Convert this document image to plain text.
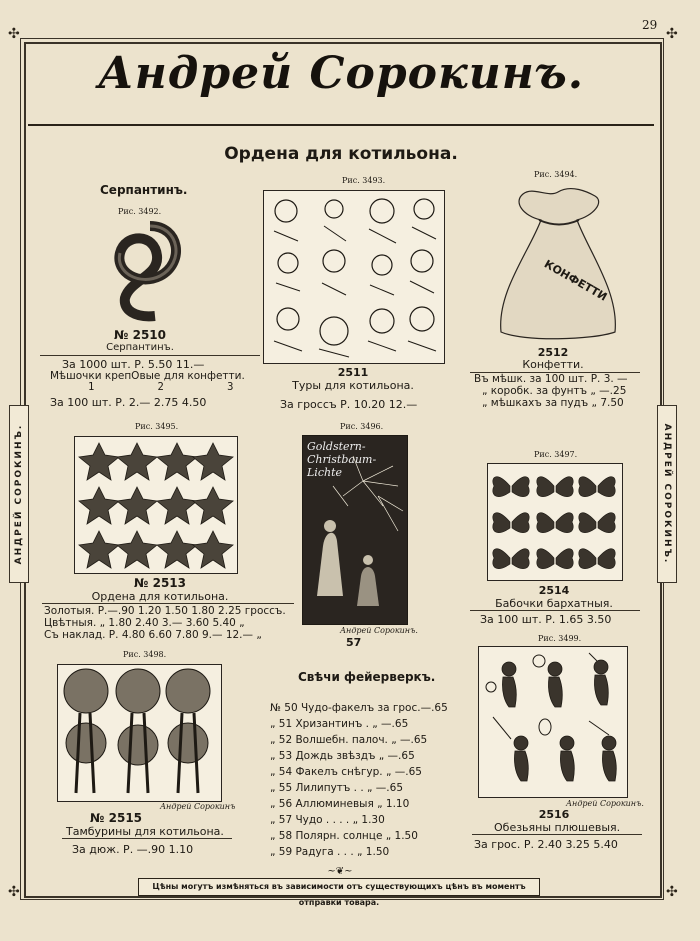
✣	✣
✣	✣
29
Андрей Сорокинъ.
Ордена для котильона.
АНДРЕЙ СОРОКИНЪ.	АНДРЕЙ СОРОКИНЪ.
Серпантинъ.
Рис. 3492.
№ 2510
Серпантинъ.
За 1000 шт. Р. 5.50 11.—
Мѣшочки крепОвые для конфетти.
1          2          3
За 100 шт. Р. 2.— 2.75 4.50
Рис. 3493.
2511
Туры для котильона.
За гроссъ Р. 10.20 12.—
Рис. 3494.
КОНФЕТТИ
2512
Конфетти.
Въ мѣшк. за 100 шт. Р. 3. —
„ коробк. за фунтъ „ —.25
„ мѣшкахъ за пудъ „ 7.50
Рис. 3495.
№ 2513
Ордена для котильона.
Золотыя. Р.—.90 1.20 1.50 1.80 2.25 гроссъ.
Цвѣтныя. „ 1.80 2.40 3.— 3.60 5.40 „
Съ наклад. Р. 4.80 6.60 7.80 9.— 12.— „
Рис. 3496.
Goldstern-
Christbaum-
Lichte
Андрей Сорокинъ.
57
Рис. 3497.
2514
Бабочки бархатныя.
За 100 шт. Р. 1.65 3.50
Рис. 3498.
Андрей Сорокинъ
№ 2515
Тамбурины для котильона.
За дюж. Р. —.90 1.10
Свѣчи фейерверкъ.
№ 50 Чудо-факелъ за грос.—.65
„ 51 Хризантинъ . „ —.65
„ 52 Волшебн. палоч. „ —.65
„ 53 Дождь звѣздъ „ —.65
„ 54 Факелъ снѣгур. „ —.65
„ 55 Лилипутъ . . „ —.65
„ 56 Аллюминевыя „ 1.10
„ 57 Чудо . . . . „ 1.30
„ 58 Полярн. солнце „ 1.50
„ 59 Радуга . . . „ 1.50
Рис. 3499.
Андрей Сорокинъ.
2516
Обезьяны плюшевыя.
За грос. Р. 2.40 3.25 5.40
~❦~
Цѣны могутъ измѣняться въ зависимости отъ существующихъ цѣнъ въ моментъ отправки товара.
